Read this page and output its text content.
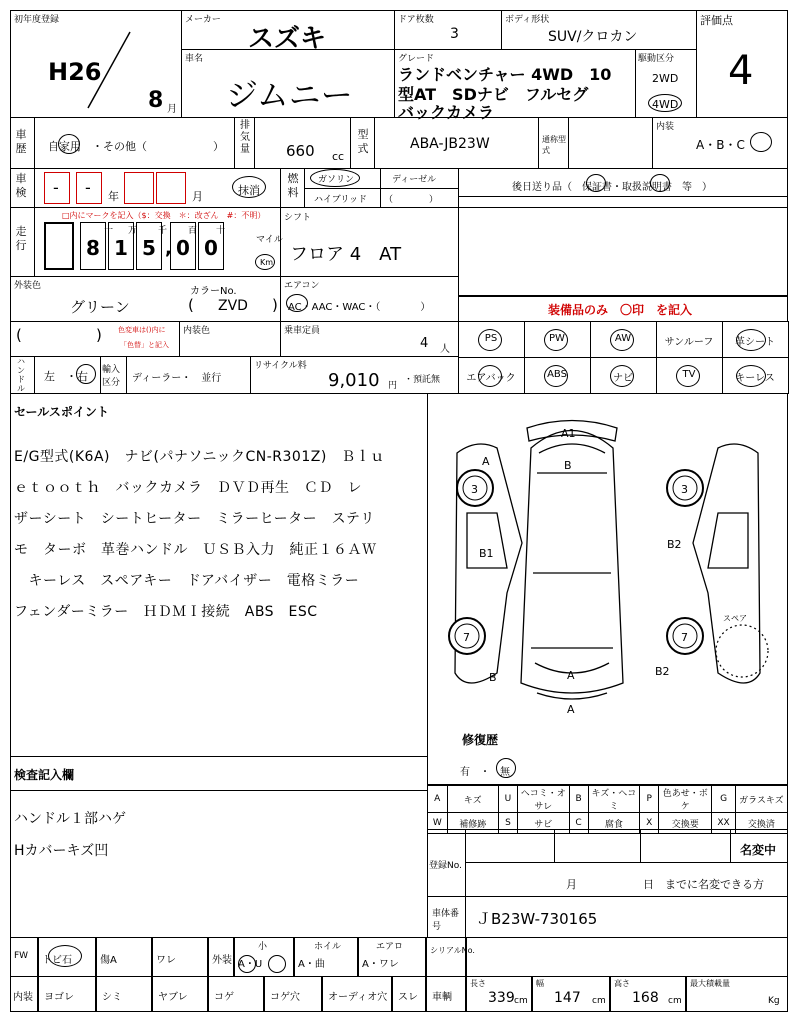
初年度登録
H26
8 月
メーカー
スズキ
ドア枚数
3
ボディ形状
SUV/クロカン
評価点
4
車名
ジムニー
グレード
ランドベンチャー 4WD　10
型AT　SDナビ　フルセグ
バックカメラ
駆動区分
2WD
4WD
車歴 自家用　・その他（　　　　　　）
排気量 660 cc
型式	ABA-JB23W	通称型式
内装
A・B・C
車検 - - 年	月	抹消
燃料
ガソリン	ディーゼル
ハイブリッド （　　　　）
後日送り品（　保証書・取扱説明書　等　）
走行
□内にマークを記入（$：交換　＊：改ざん　#：不明）
8 1 5 0 0
十 万 千 百 十
,	マイル
Km
シフト
フロア 4　AT
外装色
グリーン
カラーNo.
( ZVD )
エアコン
AC・AAC・WAC・（　　　　）	装備品のみ　〇印　を記入
(	) 色変車は()内に
「色替」と記入
内装色	乗車定員
4 人
ハンドル
左　・右 輸入区分	ディーラー・　並行
リサイクル料
9,010 円
・預託無
PS	PW	AW	サンルーフ	革シート
エアバック	ABS	ナビ	TV	キーレス
セールスポイント
E/G型式(K6A)　ナビ(パナソニックCN-R301Z)　Ｂｌｕ
ｅｔｏｏｔｈ　バックカメラ　ＤＶＤ再生　ＣＤ　レ
ザーシート　シートヒーター　ミラーヒーター　ステリ
モ　ターボ　革巻ハンドル　ＵＳＢ入力　純正１６ＡＷ
　キーレス　スペアキー　ドアバイザー　電格ミラー
フェンダーミラー　ＨＤＭＩ接続　ABS　ESC
A1
B
A
3	3
B1
B2
7	7
B	A	B2
A
スペア
修復歴
有　・　無
A	キズ	U	ヘコミ・オサレ	B	キズ・ヘコミ	P	色あせ・ボケ	G	ガラスキズ
W	補修跡	S	サビ	C	腐食	X	交換要	XX	交換済
検査記入欄
ハンドル１部ハゲ
Hカバーキズ凹
登録No.
名変中
月　　　　　　日　までに名変できる方
車体番号	ＪB23W-730165
FW トビ石	傷A	ワレ	外装 A・U
小
A・曲
ホイル
A・ワレ
エアロ	シリアルNo.
内装 ヨゴレ	シミ	ヤブレ	コゲ	コゲ穴	オーディオ穴 スレ 車輌
長さ
339 cm
幅
147 cm
高さ
168 cm
最大積載量
Kg
